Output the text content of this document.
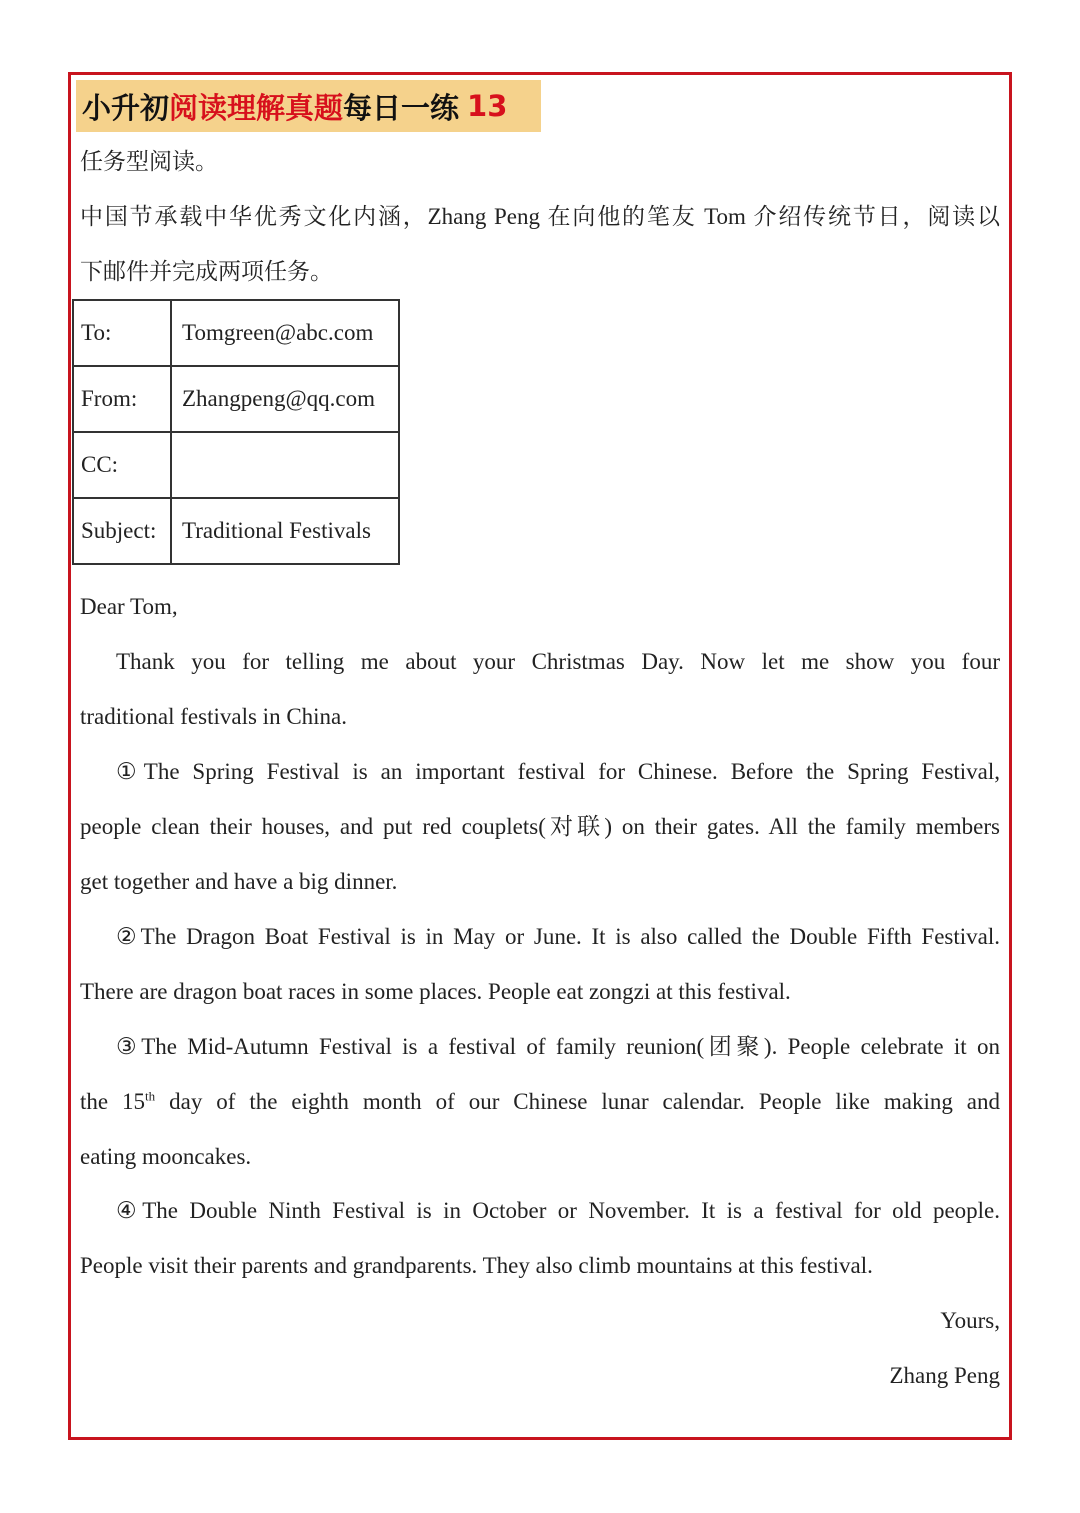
小升初 阅读理解真题 每日一练 13
任务型阅读。
中国节承载中华优秀文化内涵，Zhang Peng 在向他的笔友 Tom 介绍传统节日，阅读以
下邮件并完成两项任务。
To:	Tomgreen@abc.com
From:	Zhangpeng@qq.com
CC:	
Subject:	Traditional Festivals
Dear Tom,
Thank you for telling me about your Christmas Day. Now let me show you four
traditional festivals in China.
①The Spring Festival is an important festival for Chinese. Before the Spring Festival,
people clean their houses, and put red couplets(对联) on their gates. All the family members
get together and have a big dinner.
②The Dragon Boat Festival is in May or June. It is also called the Double Fifth Festival.
There are dragon boat races in some places. People eat zongzi at this festival.
③The Mid-Autumn Festival is a festival of family reunion(团聚). People celebrate it on
the 15th day of the eighth month of our Chinese lunar calendar. People like making and
eating mooncakes.
④The Double Ninth Festival is in October or November. It is a festival for old people.
People visit their parents and grandparents. They also climb mountains at this festival.
Yours,
Zhang Peng
